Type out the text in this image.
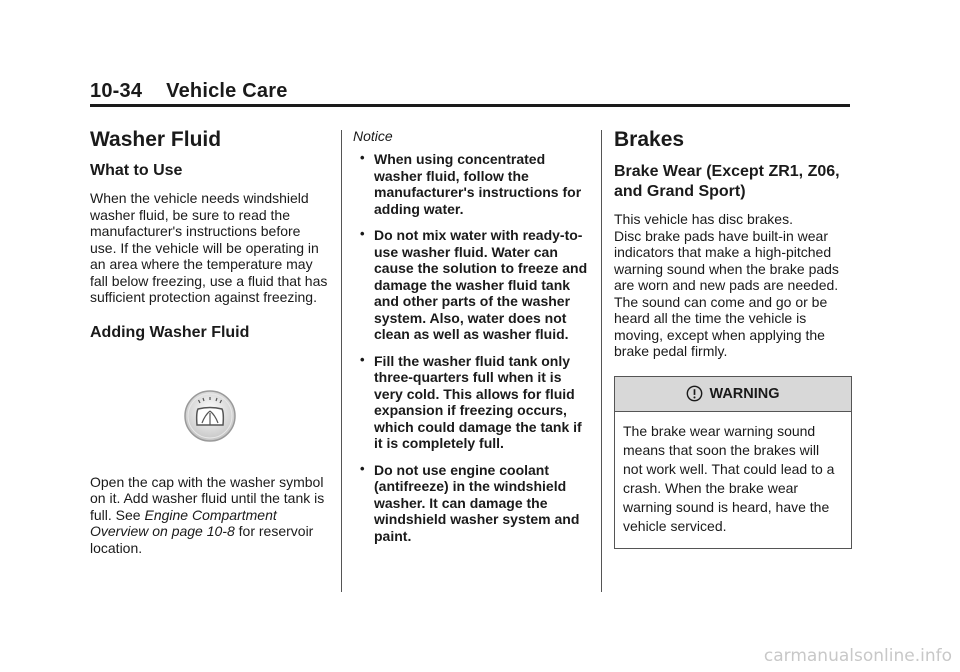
10-34 Vehicle Care
Washer Fluid
What to Use

When the vehicle needs windshield washer fluid, be sure to read the manufacturer's instructions before use. If the vehicle will be operating in an area where the temperature may fall below freezing, use a fluid that has sufficient protection against freezing.

Adding Washer Fluid

Open the cap with the washer symbol on it. Add washer fluid until the tank is full. See Engine Compartment Overview on page 10-8 for reservoir location.

Notice

• When using concentrated washer fluid, follow the manufacturer's instructions for adding water.
• Do not mix water with ready-to-use washer fluid. Water can cause the solution to freeze and damage the washer fluid tank and other parts of the washer system. Also, water does not clean as well as washer fluid.
• Fill the washer fluid tank only three-quarters full when it is very cold. This allows for fluid expansion if freezing occurs, which could damage the tank if it is completely full.
• Do not use engine coolant (antifreeze) in the windshield washer. It can damage the windshield washer system and paint.
Brakes
Brake Wear (Except ZR1, Z06, and Grand Sport)

This vehicle has disc brakes.

Disc brake pads have built-in wear indicators that make a high-pitched warning sound when the brake pads are worn and new pads are needed. The sound can come and go or be heard all the time the vehicle is moving, except when applying the brake pedal firmly.

WARNING
The brake wear warning sound means that soon the brakes will not work well. That could lead to a crash. When the brake wear warning sound is heard, have the vehicle serviced.
carmanualsonline.info
